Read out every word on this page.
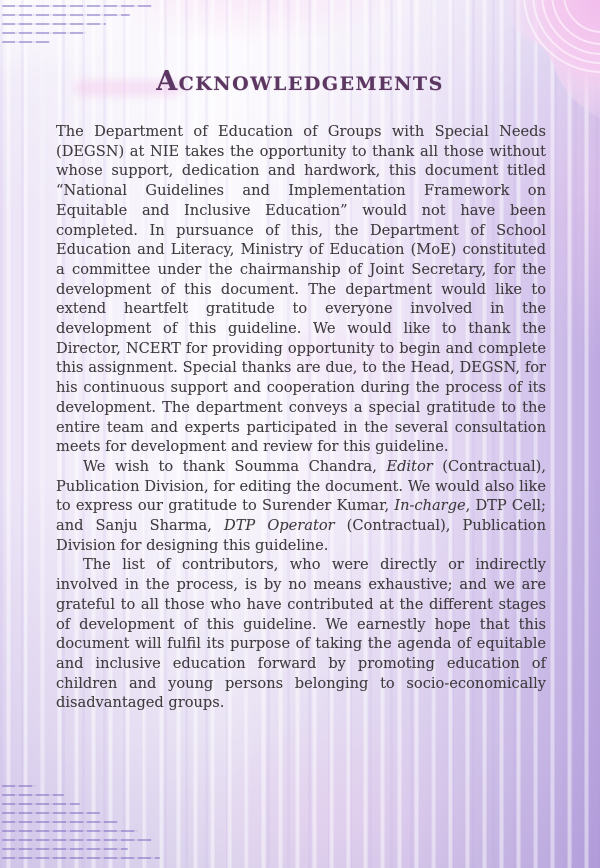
Acknowledgements

The Department of Education of Groups with Special Needs (DEGSN) at NIE takes the opportunity to thank all those without whose support, dedication and hardwork, this document titled “National Guidelines and Implementation Framework on Equitable and Inclusive Education” would not have been completed. In pursuance of this, the Department of School Education and Literacy, Ministry of Education (MoE) constituted a committee under the chairmanship of Joint Secretary, for the development of this document. The department would like to extend heartfelt gratitude to everyone involved in the development of this guideline. We would like to thank the Director, NCERT for providing opportunity to begin and complete this assignment. Special thanks are due, to the Head, DEGSN, for his continuous support and cooperation during the process of its development. The department conveys a special gratitude to the entire team and experts participated in the several consultation meets for development and review for this guideline.

We wish to thank Soumma Chandra, Editor (Contractual), Publication Division, for editing the document. We would also like to express our gratitude to Surender Kumar, In-charge, DTP Cell; and Sanju Sharma, DTP Operator (Contractual), Publication Division for designing this guideline.

The list of contributors, who were directly or indirectly involved in the process, is by no means exhaustive; and we are grateful to all those who have contributed at the different stages of development of this guideline. We earnestly hope that this document will fulfil its purpose of taking the agenda of equitable and inclusive education forward by promoting education of children and young persons belonging to socio-economically disadvantaged groups.
